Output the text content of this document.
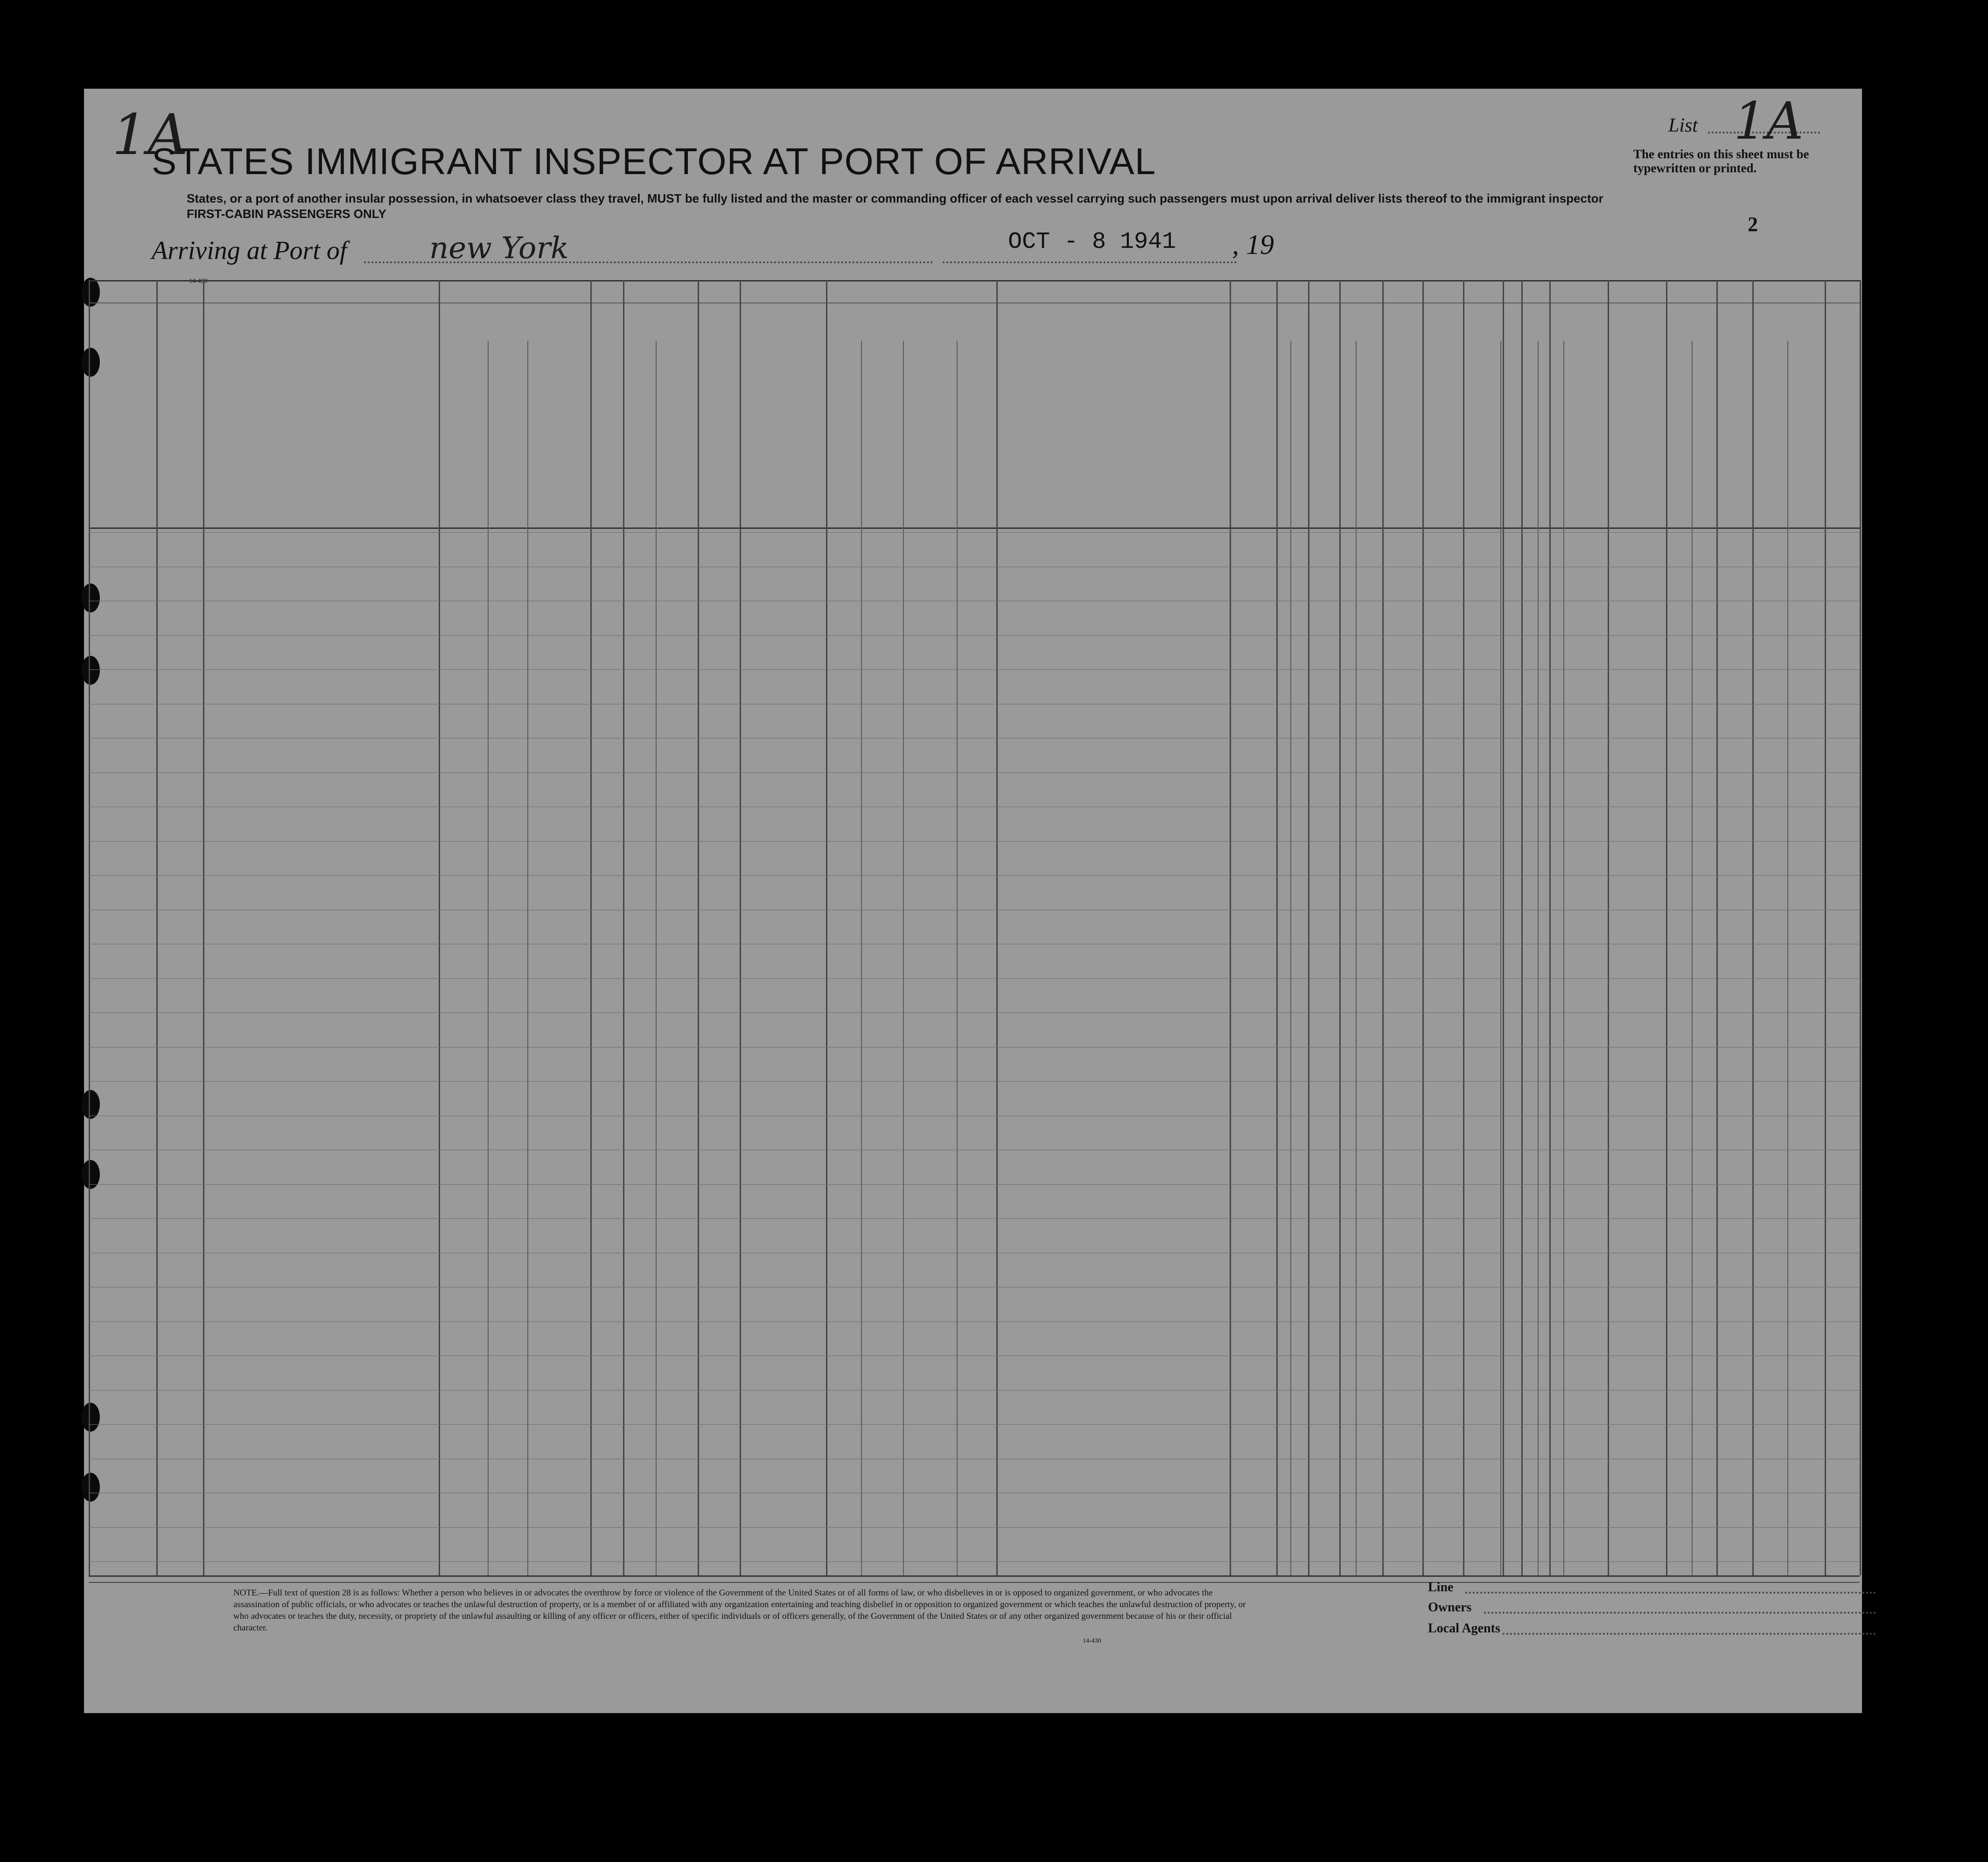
1A
STATES IMMIGRANT INSPECTOR AT PORT OF ARRIVAL
States, or a port of another insular possession, in whatsoever class they travel, MUST be fully listed and the master or commanding officer of each vessel carrying such passengers must upon arrival deliver lists thereof to the immigrant inspector
FIRST-CABIN PASSENGERS ONLY
List 1A
The entries on this sheet must be typewritten or printed.
2
Arriving at Port of	new York	OCT - 8 1941 , 19
NOTE.—Full text of question 28 is as follows: Whether a person who believes in or advocates the overthrow by force or violence of the Government of the United States or of all forms of law, or who disbelieves in or is opposed to organized government, or who advocates the assassination of public officials, or who advocates or teaches the unlawful destruction of property, or is a member of or affiliated with any organization entertaining and teaching disbelief in or opposition to organized government or which teaches the unlawful destruction of property, or who advocates or teaches the duty, necessity, or propriety of the unlawful assaulting or killing of any officer or officers, either of specific individuals or of officers generally, of the Government of the United States or of any other organized government because of his or their official character.
14-430
Line
Owners
Local Agents
